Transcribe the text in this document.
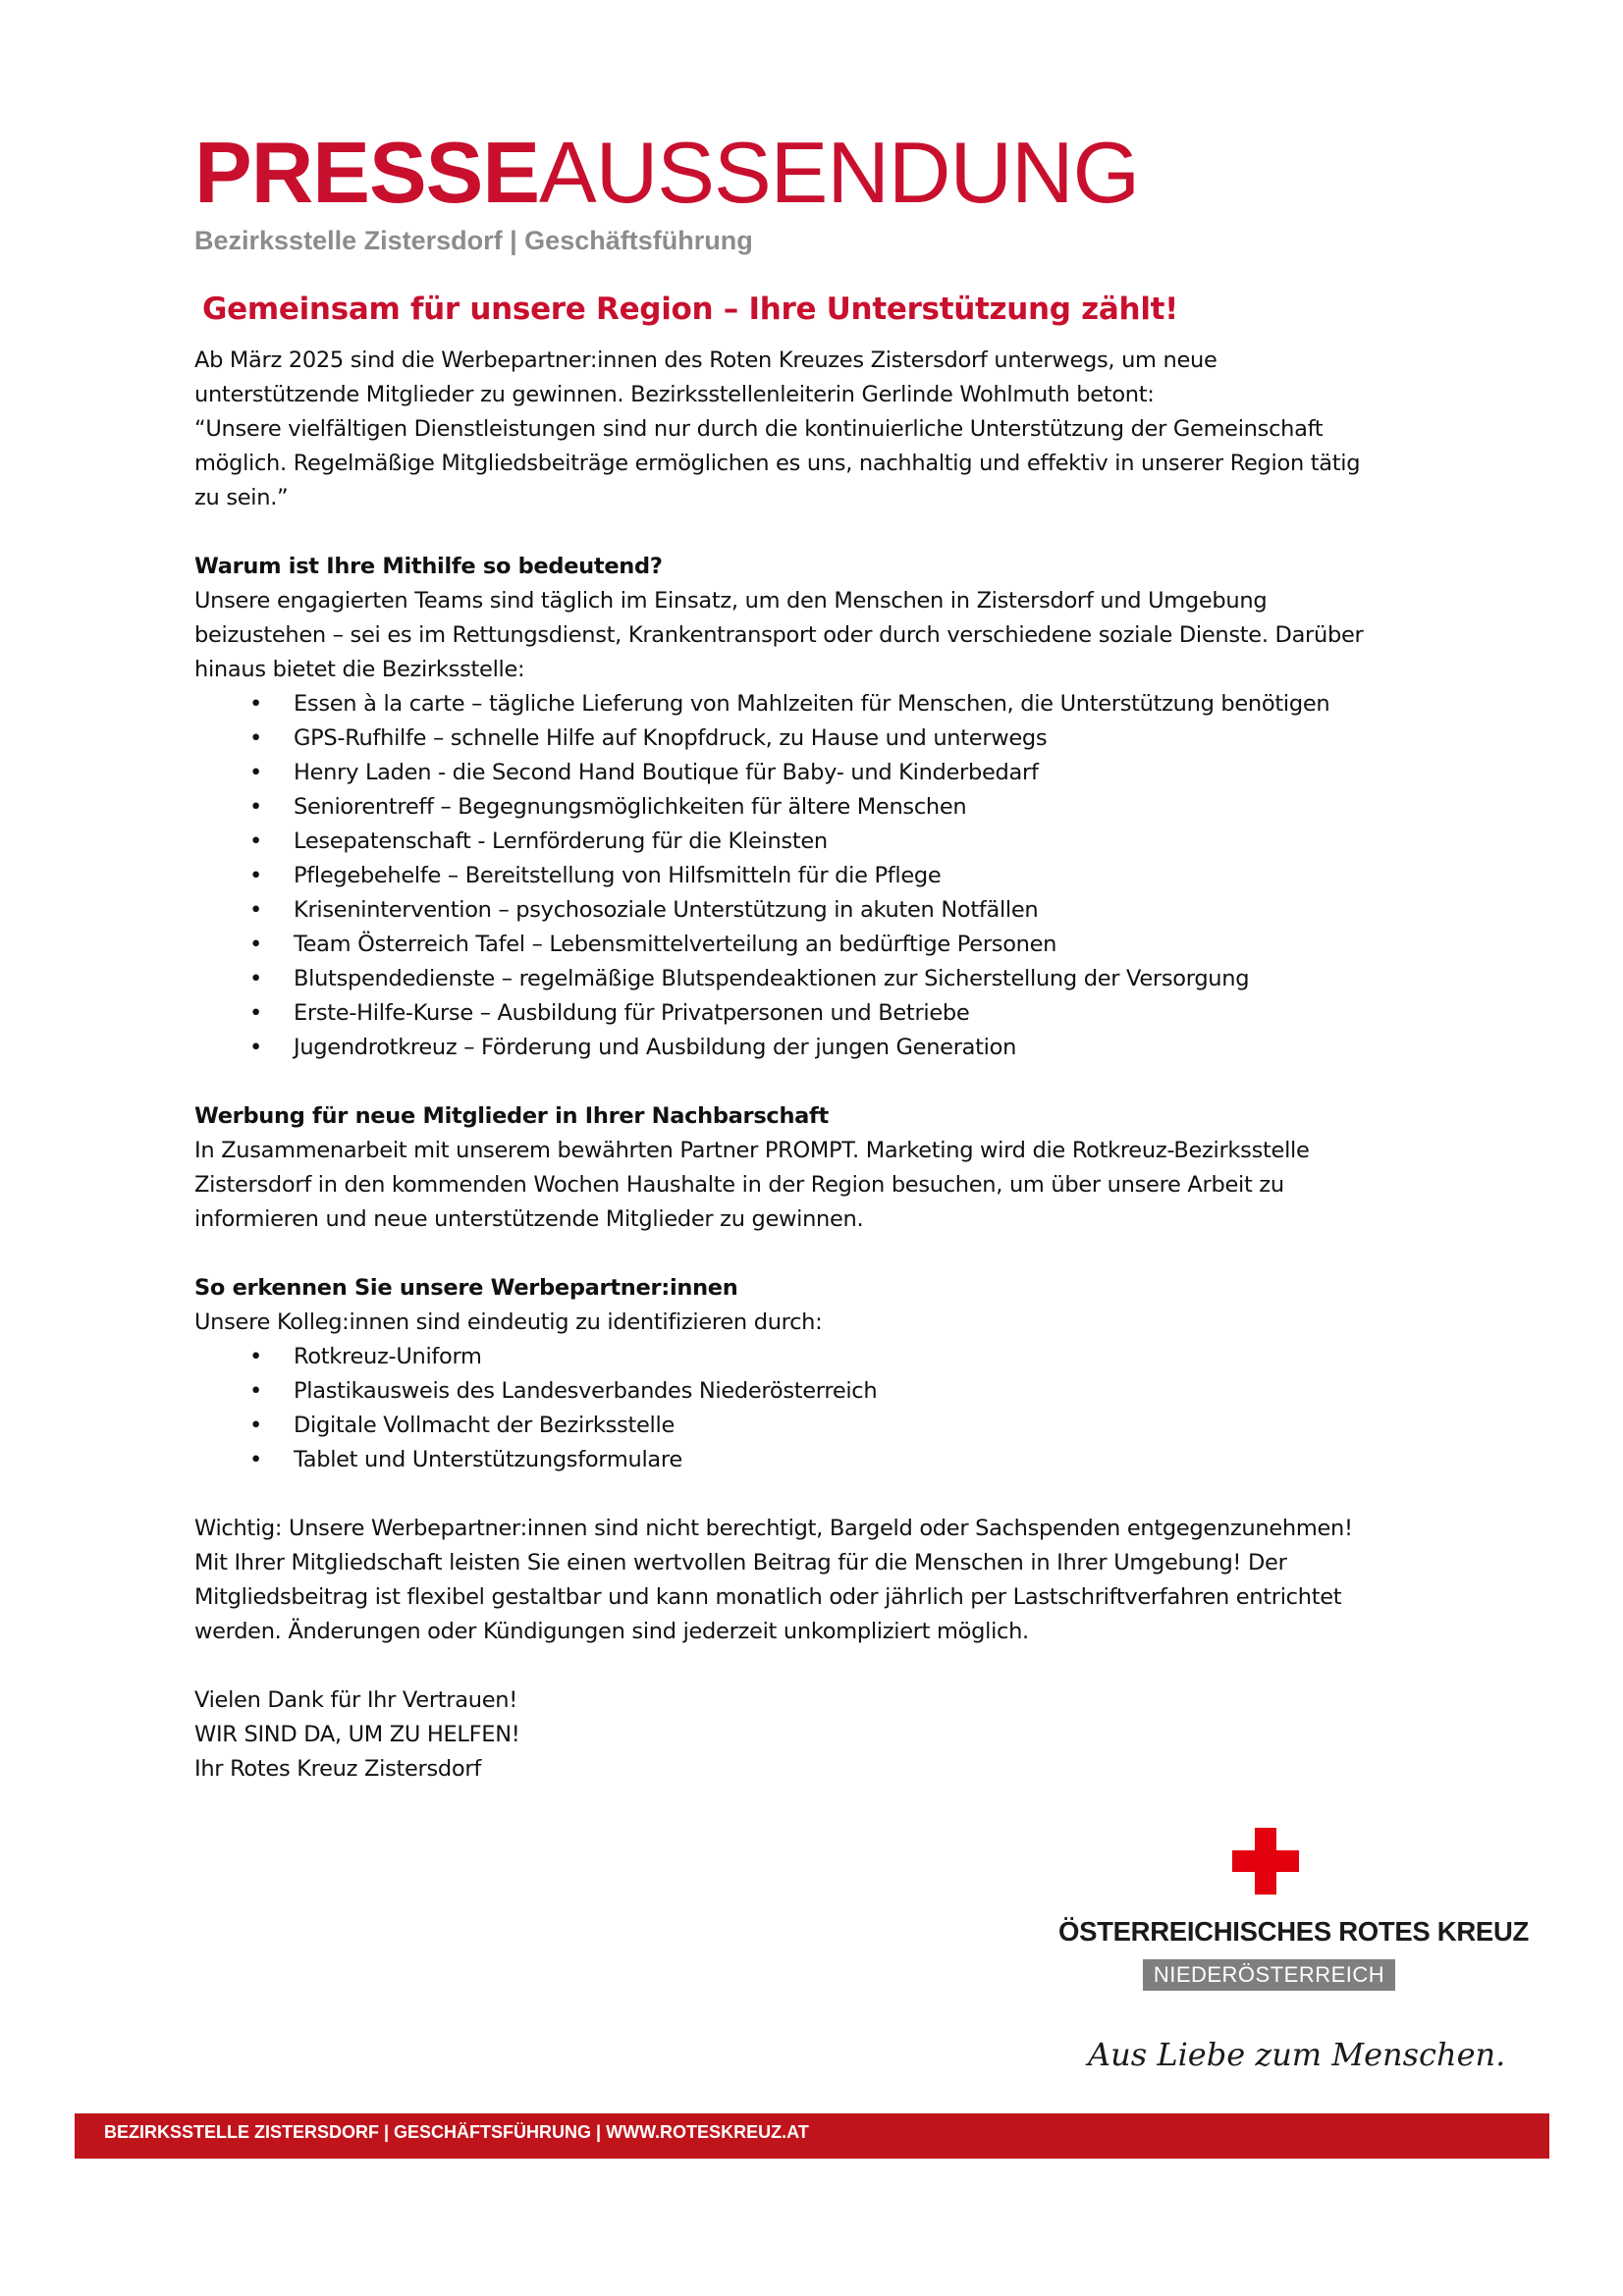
PRESSEAUSSENDUNG
Bezirksstelle Zistersdorf | Geschäftsführung
Gemeinsam für unsere Region – Ihre Unterstützung zählt!

Ab März 2025 sind die Werbepartner:innen des Roten Kreuzes Zistersdorf unterwegs, um neue

unterstützende Mitglieder zu gewinnen. Bezirksstellenleiterin Gerlinde Wohlmuth betont:

“Unsere vielfältigen Dienstleistungen sind nur durch die kontinuierliche Unterstützung der Gemeinschaft

möglich. Regelmäßige Mitgliedsbeiträge ermöglichen es uns, nachhaltig und effektiv in unserer Region tätig

zu sein.”

Warum ist Ihre Mithilfe so bedeutend?

Unsere engagierten Teams sind täglich im Einsatz, um den Menschen in Zistersdorf und Umgebung

beizustehen – sei es im Rettungsdienst, Krankentransport oder durch verschiedene soziale Dienste. Darüber

hinaus bietet die Bezirksstelle:

• Essen à la carte – tägliche Lieferung von Mahlzeiten für Menschen, die Unterstützung benötigen
• GPS-Rufhilfe – schnelle Hilfe auf Knopfdruck, zu Hause und unterwegs
• Henry Laden - die Second Hand Boutique für Baby- und Kinderbedarf
• Seniorentreff – Begegnungsmöglichkeiten für ältere Menschen
• Lesepatenschaft - Lernförderung für die Kleinsten
• Pflegebehelfe – Bereitstellung von Hilfsmitteln für die Pflege
• Krisenintervention – psychosoziale Unterstützung in akuten Notfällen
• Team Österreich Tafel – Lebensmittelverteilung an bedürftige Personen
• Blutspendedienste – regelmäßige Blutspendeaktionen zur Sicherstellung der Versorgung
• Erste-Hilfe-Kurse – Ausbildung für Privatpersonen und Betriebe
• Jugendrotkreuz – Förderung und Ausbildung der jungen Generation

Werbung für neue Mitglieder in Ihrer Nachbarschaft

In Zusammenarbeit mit unserem bewährten Partner PROMPT. Marketing wird die Rotkreuz-Bezirksstelle

Zistersdorf in den kommenden Wochen Haushalte in der Region besuchen, um über unsere Arbeit zu

informieren und neue unterstützende Mitglieder zu gewinnen.

So erkennen Sie unsere Werbepartner:innen

Unsere Kolleg:innen sind eindeutig zu identifizieren durch:

• Rotkreuz-Uniform
• Plastikausweis des Landesverbandes Niederösterreich
• Digitale Vollmacht der Bezirksstelle
• Tablet und Unterstützungsformulare

Wichtig: Unsere Werbepartner:innen sind nicht berechtigt, Bargeld oder Sachspenden entgegenzunehmen!

Mit Ihrer Mitgliedschaft leisten Sie einen wertvollen Beitrag für die Menschen in Ihrer Umgebung! Der

Mitgliedsbeitrag ist flexibel gestaltbar und kann monatlich oder jährlich per Lastschriftverfahren entrichtet

werden. Änderungen oder Kündigungen sind jederzeit unkompliziert möglich.

Vielen Dank für Ihr Vertrauen!

WIR SIND DA, UM ZU HELFEN!

Ihr Rotes Kreuz Zistersdorf

ÖSTERREICHISCHES ROTES KREUZ
NIEDERÖSTERREICH
Aus Liebe zum Menschen.
BEZIRKSSTELLE ZISTERSDORF | GESCHÄFTSFÜHRUNG | WWW.ROTESKREUZ.AT
